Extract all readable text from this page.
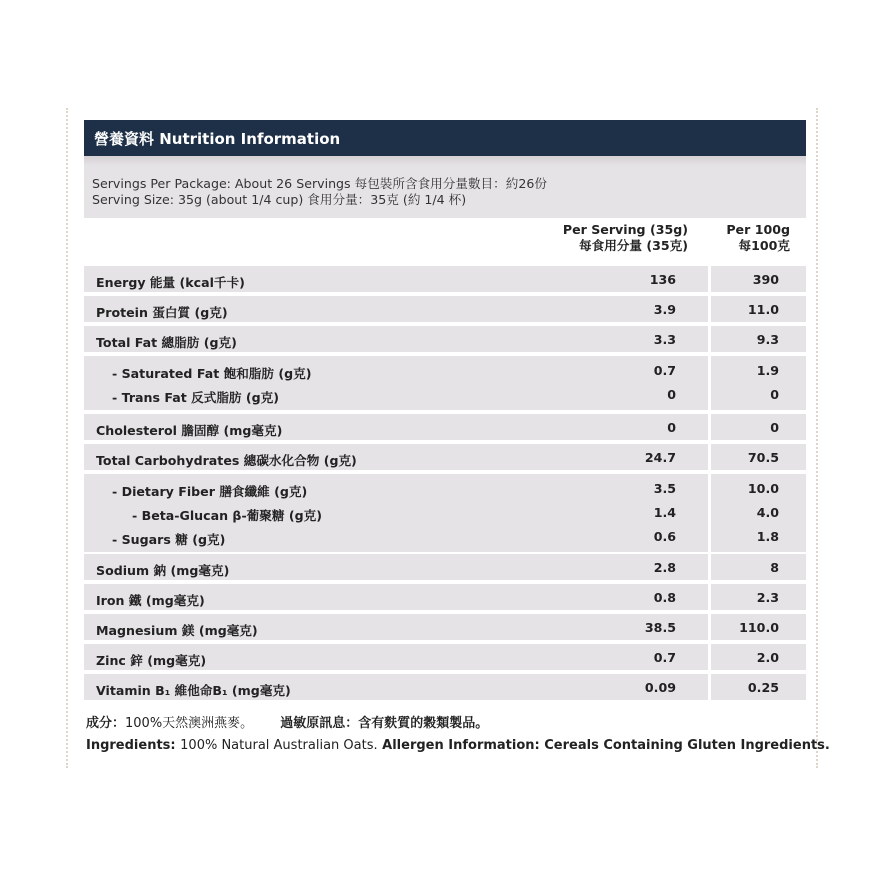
營養資料 Nutrition Information
Servings Per Package: About 26 Servings 每包裝所含食用分量數目：約26份
Serving Size: 35g (about 1/4 cup) 食用分量：35克 (約 1/4 杯)
Per Serving (35g)
每食用分量 (35克)
Per 100g
每100克
Energy 能量 (kcal千卡)	136	390
Protein 蛋白質 (g克)	3.9	11.0
Total Fat 總脂肪 (g克)	3.3	9.3
- Saturated Fat 飽和脂肪 (g克)	0.7	1.9
- Trans Fat 反式脂肪 (g克)	0	0
Cholesterol 膽固醇 (mg毫克)	0	0
Total Carbohydrates 總碳水化合物 (g克)	24.7	70.5
- Dietary Fiber 膳食纖維 (g克)	3.5	10.0
- Beta-Glucan β-葡聚糖 (g克)	1.4	4.0
- Sugars 糖 (g克)	0.6	1.8
Sodium 鈉 (mg毫克)	2.8	8
Iron 鐵 (mg毫克)	0.8	2.3
Magnesium 鎂 (mg毫克)	38.5	110.0
Zinc 鋅 (mg毫克)	0.7	2.0
Vitamin B₁ 維他命B₁ (mg毫克)	0.09	0.25
成分：100%天然澳洲燕麥。 過敏原訊息：含有麩質的穀類製品。
Ingredients: 100% Natural Australian Oats. Allergen Information: Cereals Containing Gluten Ingredients.
